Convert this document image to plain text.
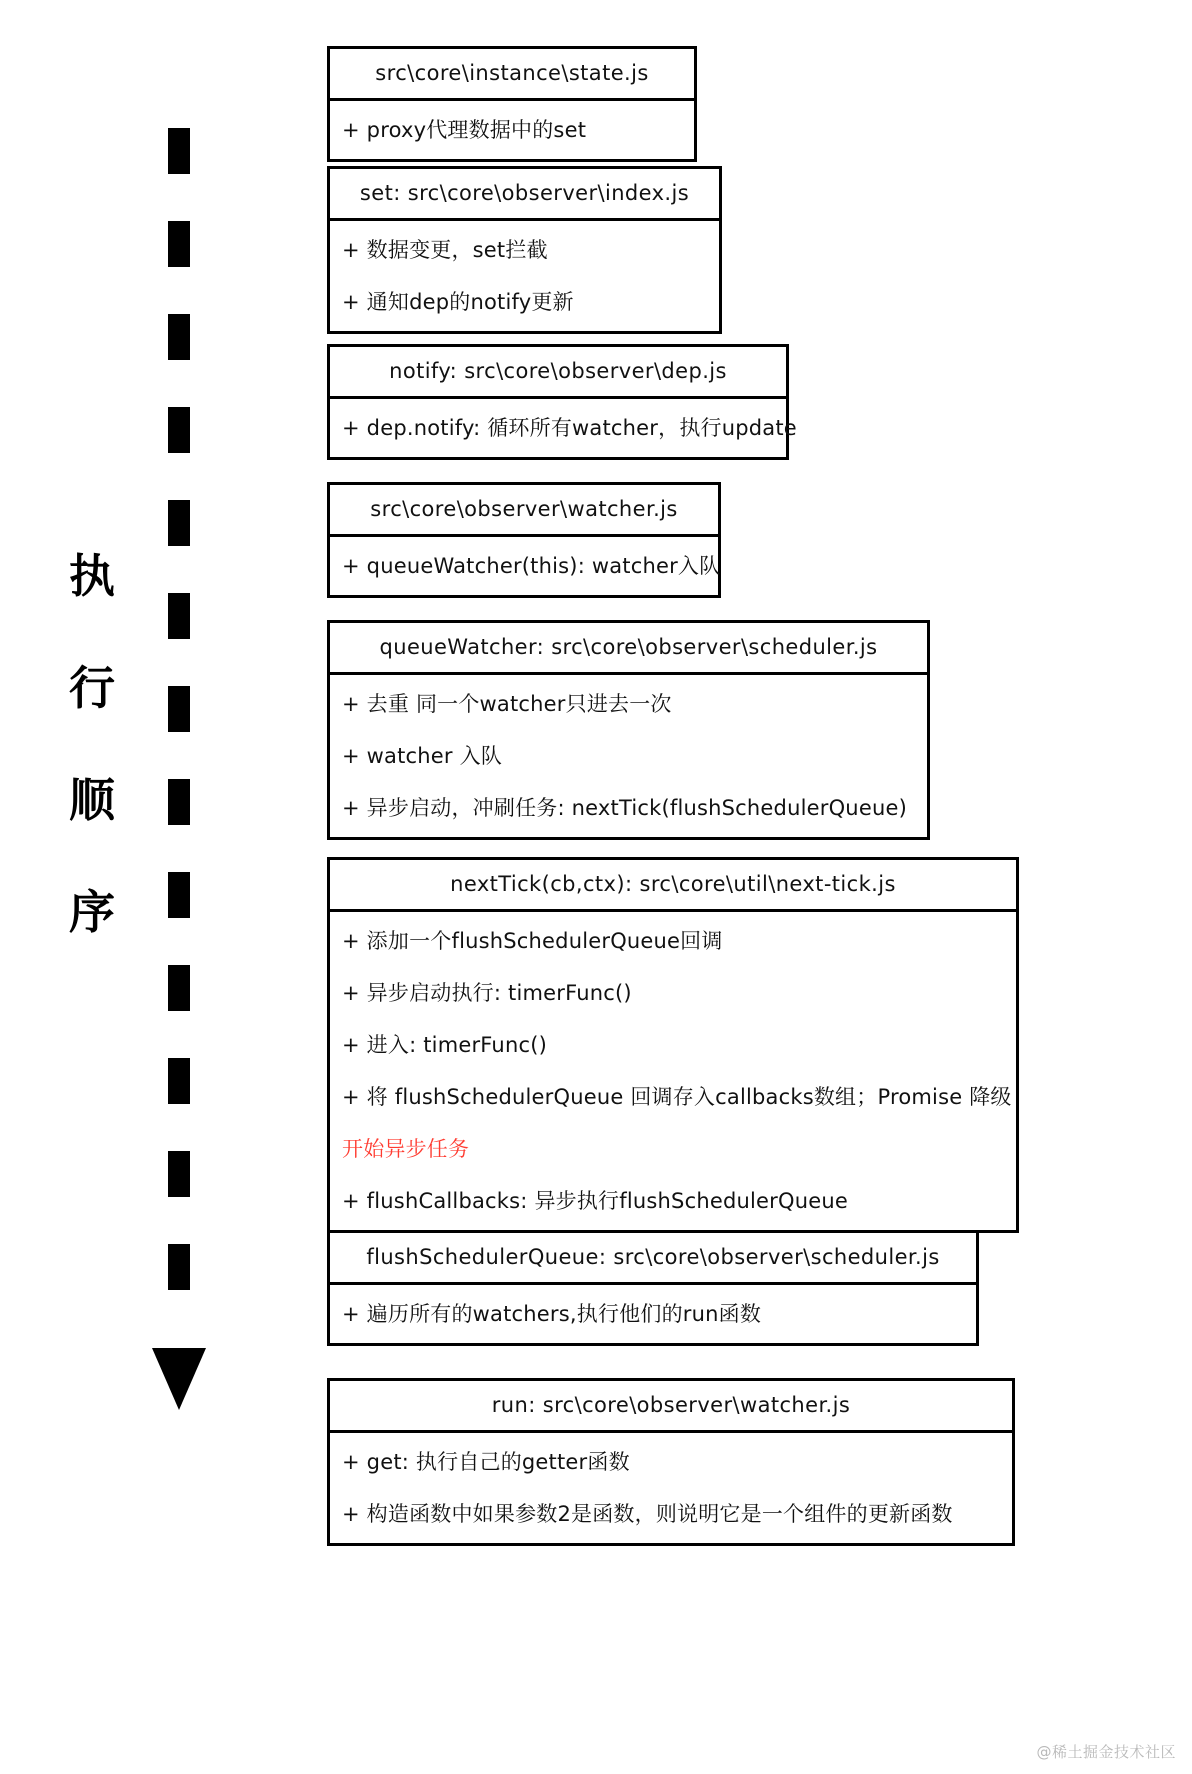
执
行
顺
序
src\core\instance\state.js
+ proxy代理数据中的set
set: src\core\observer\index.js
+ 数据变更，set拦截
+ 通知dep的notify更新
notify: src\core\observer\dep.js
+ dep.notify: 循环所有watcher，执行update
src\core\observer\watcher.js
+ queueWatcher(this): watcher入队
queueWatcher: src\core\observer\scheduler.js
+ 去重 同一个watcher只进去一次
+ watcher 入队
+ 异步启动，冲刷任务: nextTick(flushSchedulerQueue)
nextTick(cb,ctx): src\core\util\next-tick.js
+ 添加一个flushSchedulerQueue回调
+ 异步启动执行: timerFunc()
+ 进入: timerFunc()
+ 将 flushSchedulerQueue 回调存入callbacks数组；Promise 降级
开始异步任务
+ flushCallbacks: 异步执行flushSchedulerQueue
flushSchedulerQueue: src\core\observer\scheduler.js
+ 遍历所有的watchers,执行他们的run函数
run: src\core\observer\watcher.js
+ get: 执行自己的getter函数
+ 构造函数中如果参数2是函数，则说明它是一个组件的更新函数
@稀土掘金技术社区
